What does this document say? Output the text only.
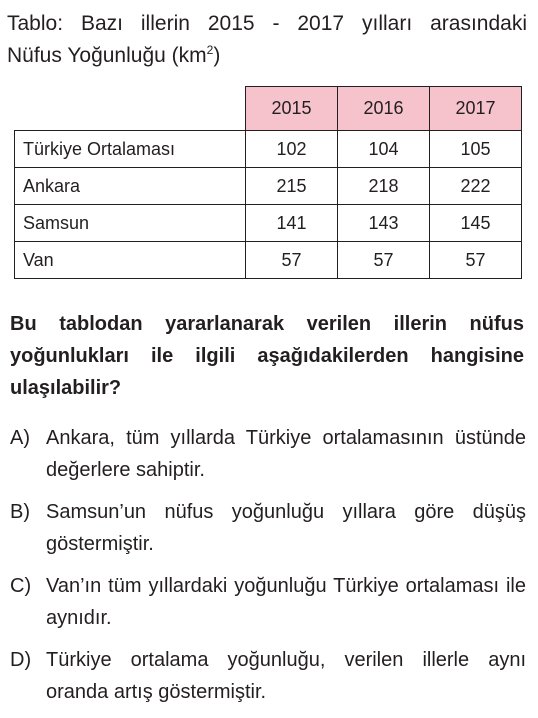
Tablo: Bazı illerin 2015 - 2017 yılları arasındaki
Nüfus Yoğunluğu $(km^2)$
	2015	2016	2017
Türkiye Ortalaması	102	104	105
Ankara	215	218	222
Samsun	141	143	145
Van	57	57	57
Bu tablodan yararlanarak verilen illerin nüfus yoğunlukları ile ilgili aşağıdakilerden hangisine ulaşılabilir?
A) Ankara, tüm yıllarda Türkiye ortalamasının üstünde değerlere sahiptir.
B) Samsun’un nüfus yoğunluğu yıllara göre düşüş göstermiştir.
C) Van’ın tüm yıllardaki yoğunluğu Türkiye ortalaması ile aynıdır.
D) Türkiye ortalama yoğunluğu, verilen illerle aynı oranda artış göstermiştir.
